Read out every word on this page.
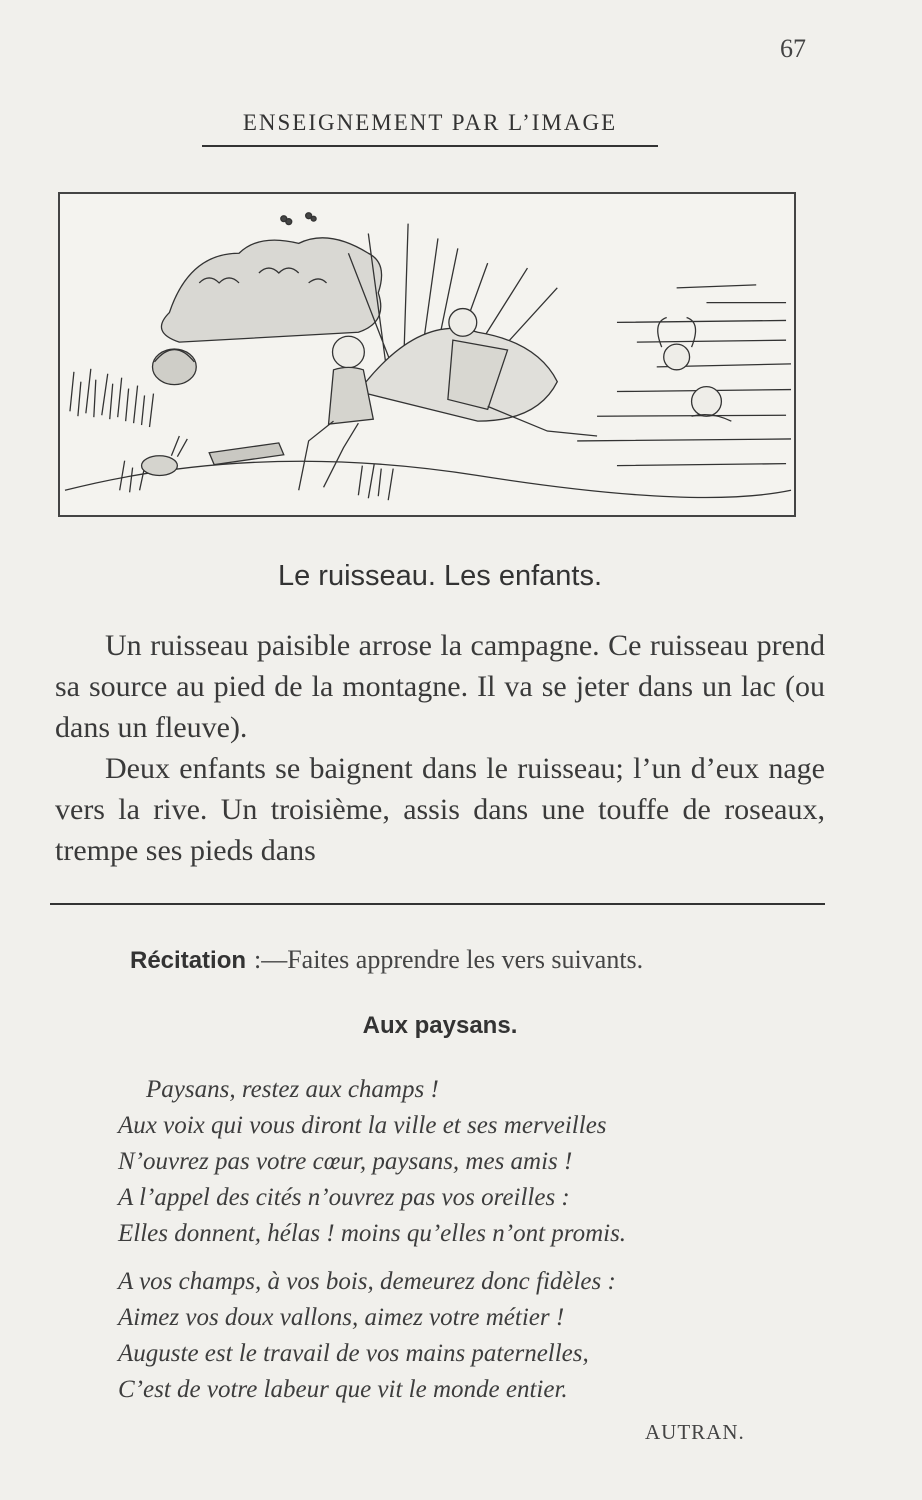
67
ENSEIGNEMENT PAR L’IMAGE
Le ruisseau. Les enfants.

Un ruisseau paisible arrose la campagne. Ce ruisseau prend sa source au pied de la montagne. Il va se jeter dans un lac (ou dans un fleuve).

Deux enfants se baignent dans le ruisseau; l’un d’eux nage vers la rive. Un troisième, assis dans une touffe de roseaux, trempe ses pieds dans

Récitation :—Faites apprendre les vers suivants.
Aux paysans.
Paysans, restez aux champs !
Aux voix qui vous diront la ville et ses merveilles
N’ouvrez pas votre cœur, paysans, mes amis !
A l’appel des cités n’ouvrez pas vos oreilles :
Elles donnent, hélas ! moins qu’elles n’ont promis.
A vos champs, à vos bois, demeurez donc fidèles :
Aimez vos doux vallons, aimez votre métier !
Auguste est le travail de vos mains paternelles,
C’est de votre labeur que vit le monde entier.
AUTRAN.
